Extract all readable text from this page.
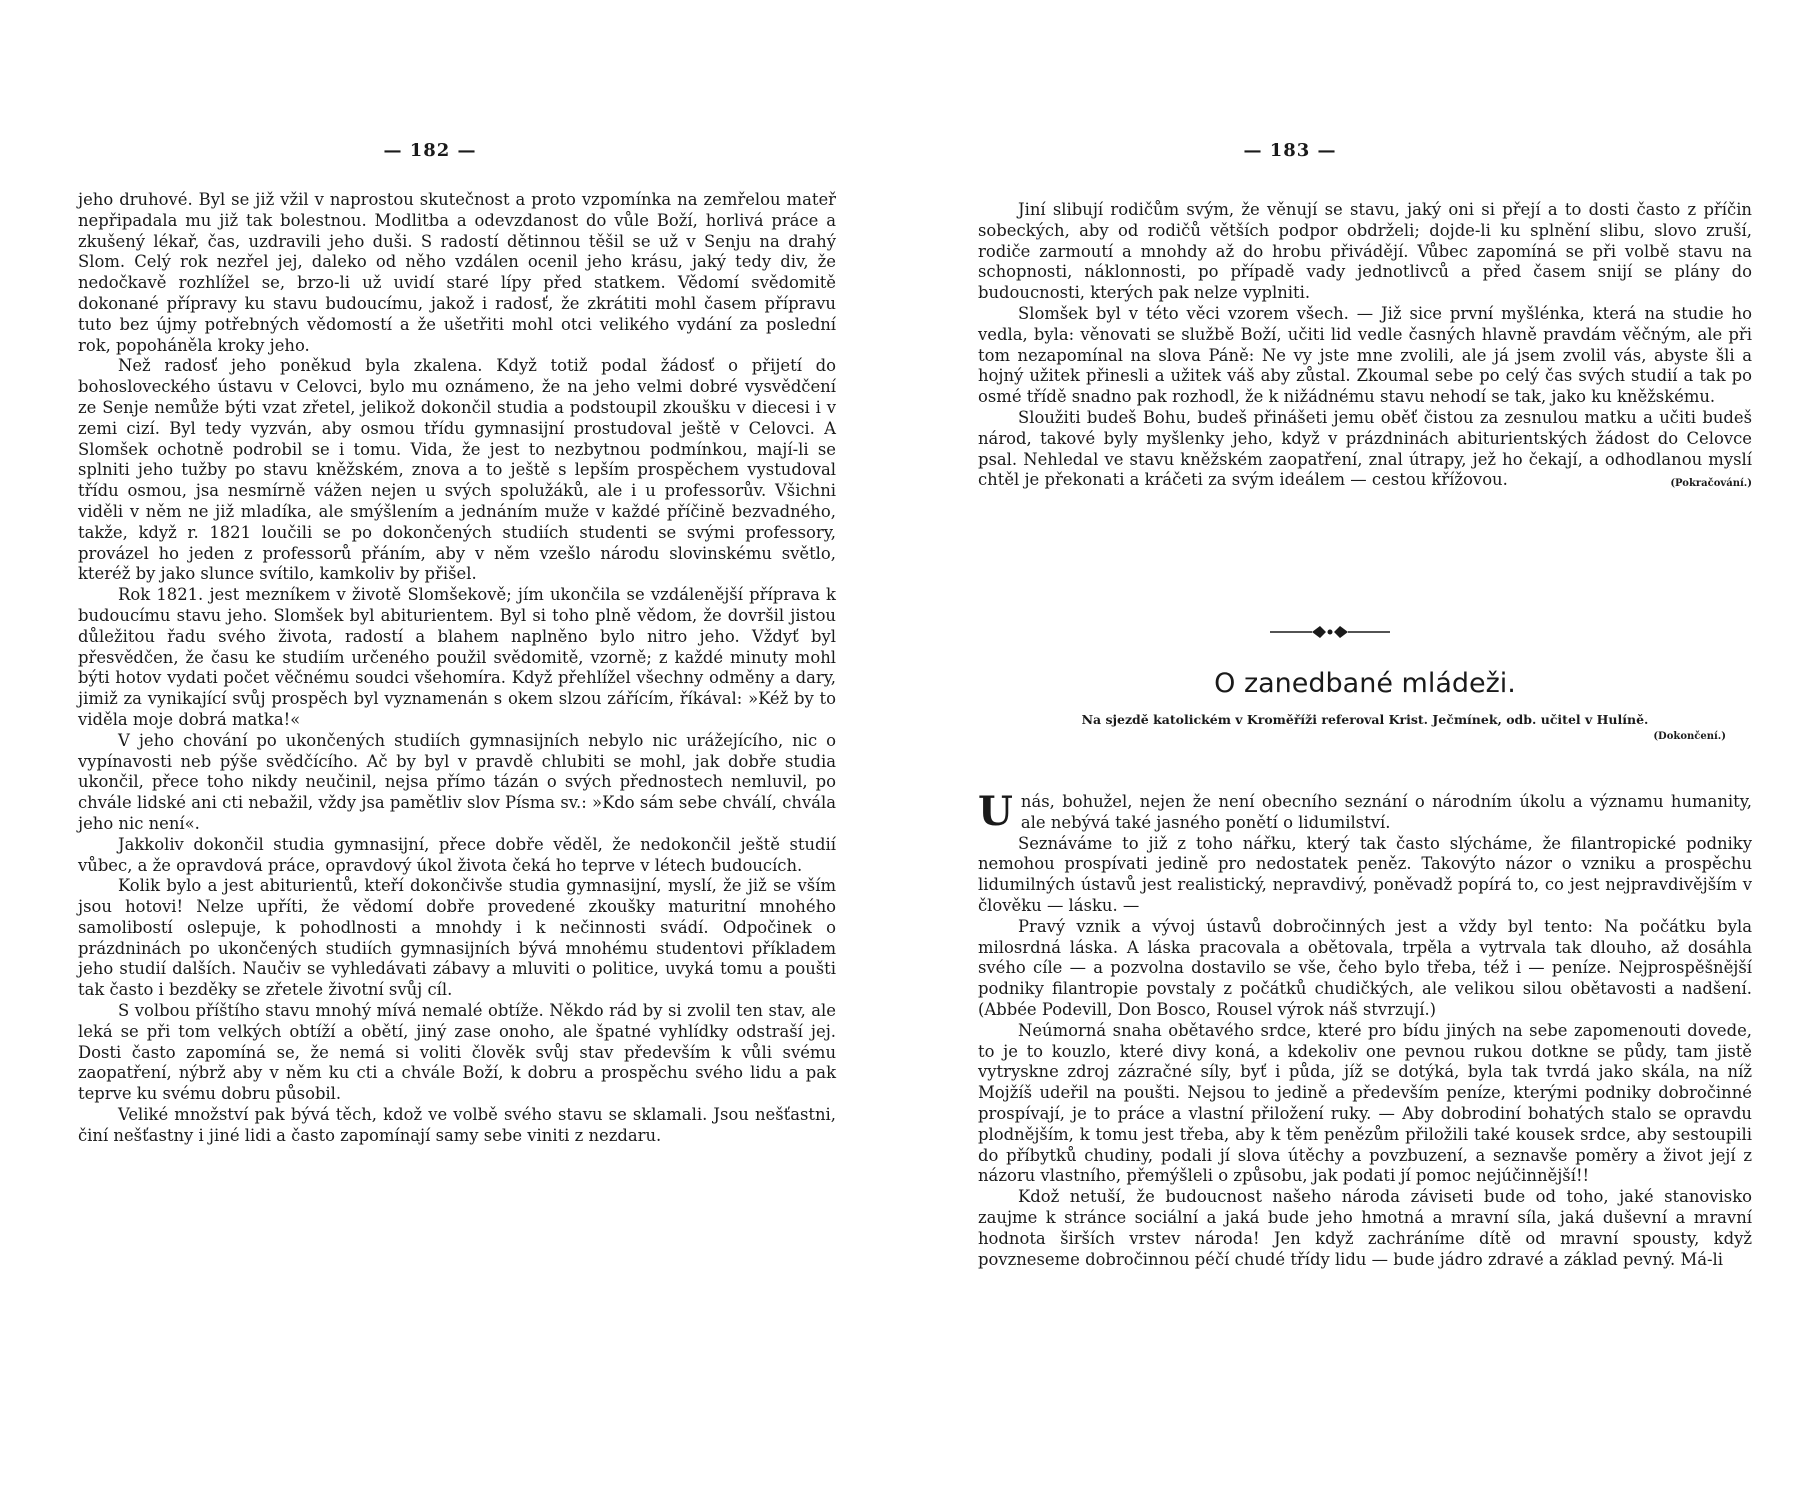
— 182 —

jeho druhové. Byl se již vžil v naprostou skutečnost a proto vzpomínka na zemřelou mateř nepřipadala mu již tak bolestnou. Modlitba a odevzdanost do vůle Boží, horlivá práce a zkušený lékař, čas, uzdravili jeho duši. S radostí dětinnou těšil se už v Senju na drahý Slom. Celý rok nezřel jej, daleko od něho vzdálen ocenil jeho krásu, jaký tedy div, že nedočkavě rozhlížel se, brzo-li už uvidí staré lípy před statkem. Vědomí svědomitě dokonané přípravy ku stavu budoucímu, jakož i radosť, že zkrátiti mohl časem přípravu tuto bez újmy potřebných vědomostí a že ušetřiti mohl otci velikého vydání za poslední rok, popoháněla kroky jeho.

Než radosť jeho poněkud byla zkalena. Když totiž podal žádosť o přijetí do bohosloveckého ústavu v Celovci, bylo mu oznámeno, že na jeho velmi dobré vysvědčení ze Senje nemůže býti vzat zřetel, jelikož dokončil studia a podstoupil zkoušku v diecesi i v zemi cizí. Byl tedy vyzván, aby osmou třídu gymnasijní prostudoval ještě v Celovci. A Slomšek ochotně podrobil se i tomu. Vida, že jest to nezbytnou podmínkou, mají-li se splniti jeho tužby po stavu kněžském, znova a to ještě s lepším prospěchem vystudoval třídu osmou, jsa nesmírně vážen nejen u svých spolužáků, ale i u professorův. Všichni viděli v něm ne již mladíka, ale smýšlením a jednáním muže v každé příčině bezvadného, takže, když r. 1821 loučili se po dokončených studiích studenti se svými professory, provázel ho jeden z professorů přáním, aby v něm vzešlo národu slovinskému světlo, kteréž by jako slunce svítilo, kamkoliv by přišel.

Rok 1821. jest mezníkem v životě Slomšekově; jím ukončila se vzdálenější příprava k budoucímu stavu jeho. Slomšek byl abiturientem. Byl si toho plně vědom, že dovršil jistou důležitou řadu svého života, radostí a blahem naplněno bylo nitro jeho. Vždyť byl přesvědčen, že času ke studiím určeného použil svědomitě, vzorně; z každé minuty mohl býti hotov vydati počet věčnému soudci všehomíra. Když přehlížel všechny odměny a dary, jimiž za vynikající svůj prospěch byl vyznamenán s okem slzou zářícím, říkával: »Kéž by to viděla moje dobrá matka!«

V jeho chování po ukončených studiích gymnasijních nebylo nic urážejícího, nic o vypínavosti neb pýše svědčícího. Ač by byl v pravdě chlubiti se mohl, jak dobře studia ukončil, přece toho nikdy neučinil, nejsa přímo tázán o svých přednostech nemluvil, po chvále lidské ani cti nebažil, vždy jsa pamětliv slov Písma sv.: »Kdo sám sebe chválí, chvála jeho nic není«.

Jakkoliv dokončil studia gymnasijní, přece dobře věděl, že nedokončil ještě studií vůbec, a že opravdová práce, opravdový úkol života čeká ho teprve v létech budoucích.

Kolik bylo a jest abiturientů, kteří dokončivše studia gymnasijní, myslí, že již se vším jsou hotovi! Nelze upříti, že vědomí dobře provedené zkoušky maturitní mnohého samolibostí oslepuje, k pohodlnosti a mnohdy i k nečinnosti svádí. Odpočinek o prázdninách po ukončených studiích gymnasijních bývá mnohému studentovi příkladem jeho studií dalších. Naučiv se vyhledávati zábavy a mluviti o politice, uvyká tomu a poušti tak často i bezděky se zřetele životní svůj cíl.

S volbou příštího stavu mnohý mívá nemalé obtíže. Někdo rád by si zvolil ten stav, ale leká se při tom velkých obtíží a obětí, jiný zase onoho, ale špatné vyhlídky odstraší jej. Dosti často zapomíná se, že nemá si voliti člověk svůj stav především k vůli svému zaopatření, nýbrž aby v něm ku cti a chvále Boží, k dobru a prospěchu svého lidu a pak teprve ku svému dobru působil.

Veliké množství pak bývá těch, kdož ve volbě svého stavu se sklamali. Jsou nešťastni, činí nešťastny i jiné lidi a často zapomínají samy sebe viniti z nezdaru.

— 183 —

Jiní slibují rodičům svým, že věnují se stavu, jaký oni si přejí a to dosti často z příčin sobeckých, aby od rodičů větších podpor obdrželi; dojde-li ku splnění slibu, slovo zruší, rodiče zarmoutí a mnohdy až do hrobu přivádějí. Vůbec zapomíná se při volbě stavu na schopnosti, náklonnosti, po případě vady jednotlivců a před časem snijí se plány do budoucnosti, kterých pak nelze vyplniti.

Slomšek byl v této věci vzorem všech. — Již sice první myšlénka, která na studie ho vedla, byla: věnovati se službě Boží, učiti lid vedle časných hlavně pravdám věčným, ale při tom nezapomínal na slova Páně: Ne vy jste mne zvolili, ale já jsem zvolil vás, abyste šli a hojný užitek přinesli a užitek váš aby zůstal. Zkoumal sebe po celý čas svých studií a tak po osmé třídě snadno pak rozhodl, že k nižádnému stavu nehodí se tak, jako ku kněžskému.

Sloužiti budeš Bohu, budeš přinášeti jemu oběť čistou za zesnulou matku a učiti budeš národ, takové byly myšlenky jeho, když v prázdninách abiturientských žádost do Celovce psal. Nehledal ve stavu kněžském zaopatření, znal útrapy, jež ho čekají, a odhodlanou myslí chtěl je překonati a kráčeti za svým ideálem — cestou křížovou.	(Pokračování.)

O zanedbané mládeži.
Na sjezdě katolickém v Kroměříži referoval Krist. Ječmínek, odb. učitel v Hulíně.
(Dokončení.)

Unás, bohužel, nejen že není obecního seznání o národním úkolu a významu humanity, ale nebývá také jasného ponětí o lidumilství.

Seznáváme to již z toho nářku, který tak často slýcháme, že filantropické podniky nemohou prospívati jedině pro nedostatek peněz. Takovýto názor o vzniku a prospěchu lidumilných ústavů jest realistický, nepravdivý, poněvadž popírá to, co jest nejpravdivějším v člověku — lásku. —

Pravý vznik a vývoj ústavů dobročinných jest a vždy byl tento: Na počátku byla milosrdná láska. A láska pracovala a obětovala, trpěla a vytrvala tak dlouho, až dosáhla svého cíle — a pozvolna dostavilo se vše, čeho bylo třeba, též i — peníze. Nejprospěšnější podniky filantropie povstaly z počátků chudičkých, ale velikou silou obětavosti a nadšení. (Abbée Podevill, Don Bosco, Rousel výrok náš stvrzují.)

Neúmorná snaha obětavého srdce, které pro bídu jiných na sebe zapomenouti dovede, to je to kouzlo, které divy koná, a kdekoliv one pevnou rukou dotkne se půdy, tam jistě vytryskne zdroj zázračné síly, byť i půda, jíž se dotýká, byla tak tvrdá jako skála, na níž Mojžíš udeřil na poušti. Nejsou to jedině a především peníze, kterými podniky dobročinné prospívají, je to práce a vlastní přiložení ruky. — Aby dobrodiní bohatých stalo se opravdu plodnějším, k tomu jest třeba, aby k těm penězům přiložili také kousek srdce, aby sestoupili do příbytků chudiny, podali jí slova útěchy a povzbuzení, a seznavše poměry a život její z názoru vlastního, přemýšleli o způsobu, jak podati jí pomoc nejúčinnější!!

Kdož netuší, že budoucnost našeho národa záviseti bude od toho, jaké stanovisko zaujme k stránce sociální a jaká bude jeho hmotná a mravní síla, jaká duševní a mravní hodnota širších vrstev národa! Jen když zachráníme dítě od mravní spousty, když povzneseme dobročinnou péčí chudé třídy lidu — bude jádro zdravé a základ pevný. Má-li
